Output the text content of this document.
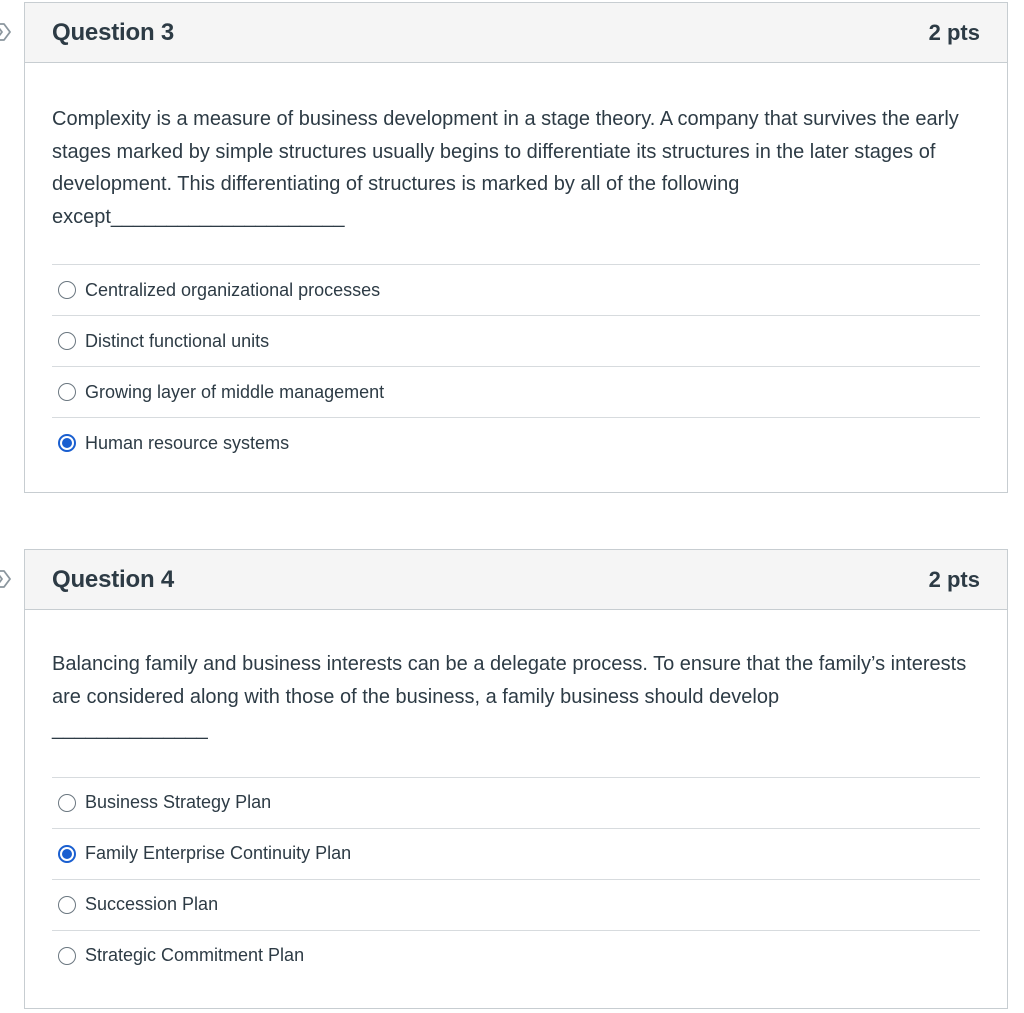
Question 3	2 pts
Complexity is a measure of business development in a stage theory. A company that survives the early stages marked by simple structures usually begins to differentiate its structures in the later stages of development. This differentiating of structures is marked by all of the following except_____________________
Centralized organizational processes
Distinct functional units
Growing layer of middle management
Human resource systems
Question 4	2 pts
Balancing family and business interests can be a delegate process. To ensure that the family’s interests are considered along with those of the business, a family business should develop
______________
Business Strategy Plan
Family Enterprise Continuity Plan
Succession Plan
Strategic Commitment Plan
